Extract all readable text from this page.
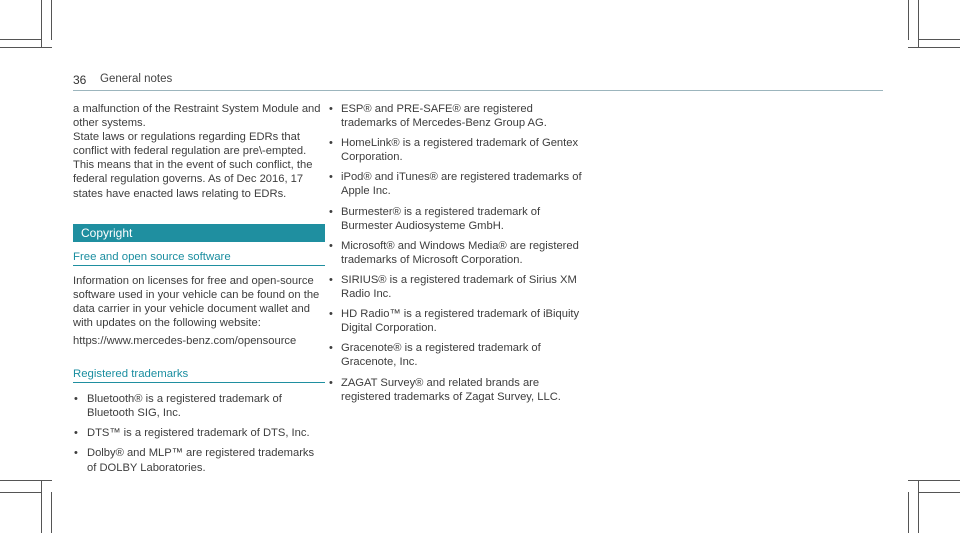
36 General notes

a malfunction of the Restraint System Module and other systems.

State laws or regulations regarding EDRs that conflict with federal regulation are pre\-empted. This means that in the event of such conflict, the federal regulation governs. As of Dec 2016, 17 states have enacted laws relating to EDRs.

Copyright
Free and open source software

Information on licenses for free and open-source software used in your vehicle can be found on the data carrier in your vehicle document wallet and with updates on the following website:

https://www.mercedes-benz.com/opensource

Registered trademarks
• Bluetooth® is a registered trademark of Bluetooth SIG, Inc.
• DTS™ is a registered trademark of DTS, Inc.
• Dolby® and MLP™ are registered trademarks of DOLBY Laboratories.
• ESP® and PRE-SAFE® are registered trademarks of Mercedes-Benz Group AG.
• HomeLink® is a registered trademark of Gentex Corporation.
• iPod® and iTunes® are registered trademarks of Apple Inc.
• Burmester® is a registered trademark of Burmester Audiosysteme GmbH.
• Microsoft® and Windows Media® are registered trademarks of Microsoft Corporation.
• SIRIUS® is a registered trademark of Sirius XM Radio Inc.
• HD Radio™ is a registered trademark of iBiquity Digital Corporation.
• Gracenote® is a registered trademark of Gracenote, Inc.
• ZAGAT Survey® and related brands are registered trademarks of Zagat Survey, LLC.
